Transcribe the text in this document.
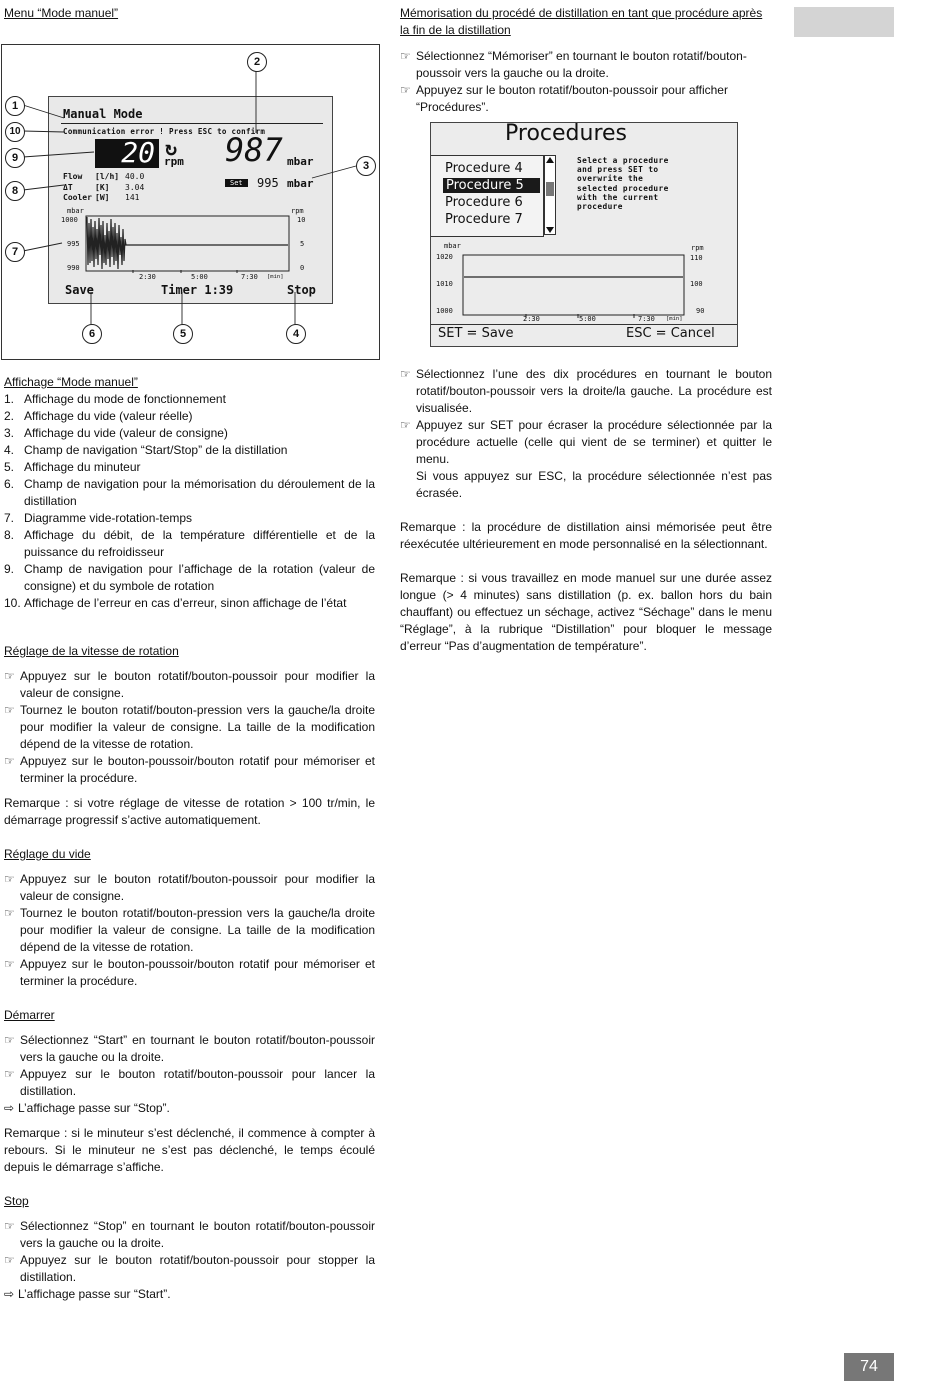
Menu “Mode manuel”
Manual Mode
Communication error ! Press ESC to confirm
20 ↻
rpm 987 mbar
Flow [l/h] 40.0
ΔT	[K] 3.04
Cooler [W] 141
Set	995 mbar
mbar
1000
995
990
rpm
10
5
0
2:30	5:00	7:30 [min]
Save	Timer 1:39	Stop
1
10
9
8
7
2
3
6	5	4
Mémorisation du procédé de distillation en tant que procédure après la fin de la distillation
☞ Sélectionnez “Mémoriser” en tournant le bouton rotatif/bouton-poussoir vers la gauche ou la droite.
☞ Appuyez sur le bouton rotatif/bouton-poussoir pour afficher “Procédures”.
Procedures
Procedure 4
Procedure 5
Procedure 6
Procedure 7
Select a procedure
and press SET to
overwrite the
selected procedure
with the current
procedure
mbar
1020
1010
1000
rpm
110
100
90
2:30	5:00	7:30 [min]
SET = Save	ESC = Cancel
Affichage “Mode manuel”
1. Affichage du mode de fonctionnement
2. Affichage du vide (valeur réelle)
3. Affichage du vide (valeur de consigne)
4. Champ de navigation “Start/Stop” de la distillation
5. Affichage du minuteur
6. Champ de navigation pour la mémorisation du déroulement de la distillation
7. Diagramme vide-rotation-temps
8. Affichage du débit, de la température différentielle et de la puissance du refroidisseur
9. Champ de navigation pour l’affichage de la rotation (valeur de consigne) et du symbole de rotation
10. Affichage de l’erreur en cas d’erreur, sinon affichage de l’état
☞ Sélectionnez l’une des dix procédures en tournant le bouton rotatif/bouton-poussoir vers la droite/la gauche. La procédure est visualisée.
☞ Appuyez sur SET pour écraser la procédure sélectionnée par la procédure actuelle (celle qui vient de se terminer) et quitter le menu.
Si vous appuyez sur ESC, la procédure sélectionnée n’est pas écrasée.
Remarque : la procédure de distillation ainsi mémorisée peut être réexécutée ultérieurement en mode personnalisé en la sélectionnant.
Remarque : si vous travaillez en mode manuel sur une durée assez longue (> 4 minutes) sans distillation (p. ex. ballon hors du bain chauffant) ou effectuez un séchage, activez “Séchage” dans le menu “Réglage”, à la rubrique “Distillation” pour bloquer le message d’erreur “Pas d’augmentation de température”.
Réglage de la vitesse de rotation
☞ Appuyez sur le bouton rotatif/bouton-poussoir pour modifier la valeur de consigne.
☞ Tournez le bouton rotatif/bouton-pression vers la gauche/la droite pour modifier la valeur de consigne. La taille de la modification dépend de la vitesse de rotation.
☞ Appuyez sur le bouton-poussoir/bouton rotatif pour mémoriser et terminer la procédure.
Remarque : si votre réglage de vitesse de rotation > 100 tr/min, le démarrage progressif s’active automatiquement.
Réglage du vide
☞ Appuyez sur le bouton rotatif/bouton-poussoir pour modifier la valeur de consigne.
☞ Tournez le bouton rotatif/bouton-pression vers la gauche/la droite pour modifier la valeur de consigne. La taille de la modification dépend de la vitesse de rotation.
☞ Appuyez sur le bouton-poussoir/bouton rotatif pour mémoriser et terminer la procédure.
Démarrer
☞ Sélectionnez “Start” en tournant le bouton rotatif/bouton-poussoir vers la gauche ou la droite.
☞ Appuyez sur le bouton rotatif/bouton-poussoir pour lancer la distillation.
⇨ L’affichage passe sur “Stop”.
Remarque : si le minuteur s’est déclenché, il commence à compter à rebours. Si le minuteur ne s’est pas déclenché, le temps écoulé depuis le démarrage s’affiche.
Stop
☞ Sélectionnez “Stop” en tournant le bouton rotatif/bouton-poussoir vers la gauche ou la droite.
☞ Appuyez sur le bouton rotatif/bouton-poussoir pour stopper la distillation.
⇨ L’affichage passe sur “Start”.
74
